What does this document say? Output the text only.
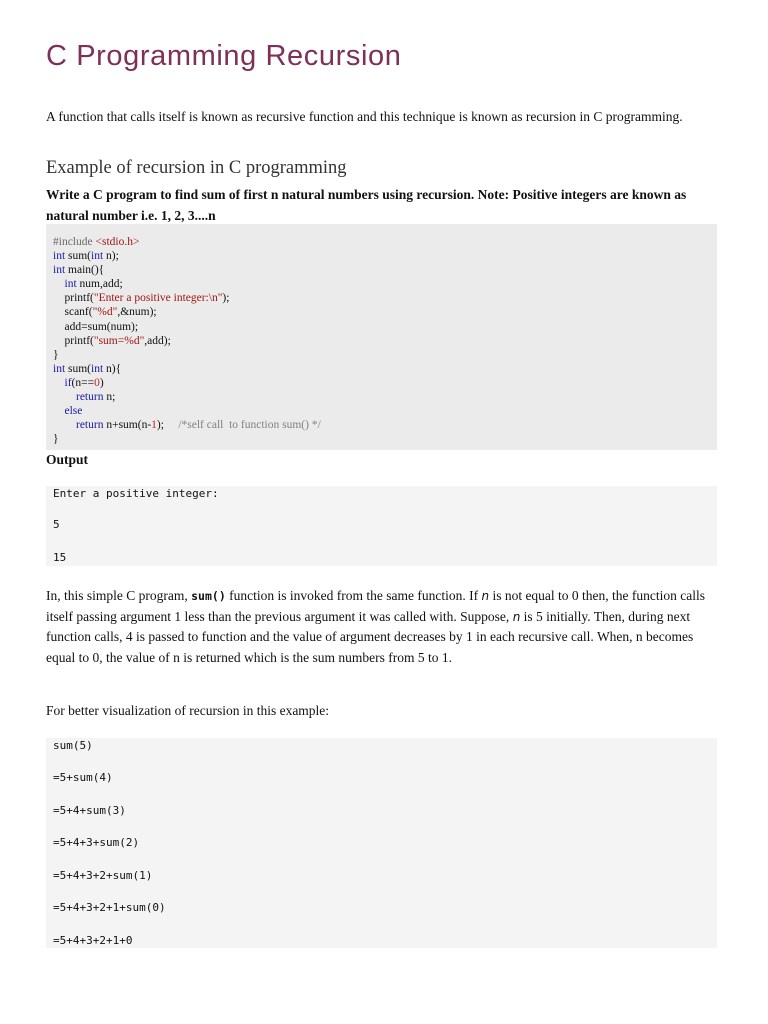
C Programming Recursion

A function that calls itself is known as recursive function and this technique is known as recursion in C programming.

Example of recursion in C programming

Write a C program to find sum of first n natural numbers using recursion. Note: Positive integers are known as natural number i.e. 1, 2, 3....n

#include <stdio.h>
int sum(int n);
int main(){
int num,add;
printf("Enter a positive integer:\n");
scanf("%d",&num);
add=sum(num);
printf("sum=%d",add);
}
int sum(int n){
if(n==0)
return n;
else
return n+sum(n-1); /*self call  to function sum() */
}

Output

Enter a positive integer:

5

15

In, this simple C program, sum() function is invoked from the same function. If n is not equal to 0 then, the function calls itself passing argument 1 less than the previous argument it was called with. Suppose, n is 5 initially. Then, during next function calls, 4 is passed to function and the value of argument decreases by 1 in each recursive call. When, n becomes equal to 0, the value of n is returned which is the sum numbers from 5 to 1.

For better visualization of recursion in this example:

sum(5)

=5+sum(4)

=5+4+sum(3)

=5+4+3+sum(2)

=5+4+3+2+sum(1)

=5+4+3+2+1+sum(0)

=5+4+3+2+1+0
